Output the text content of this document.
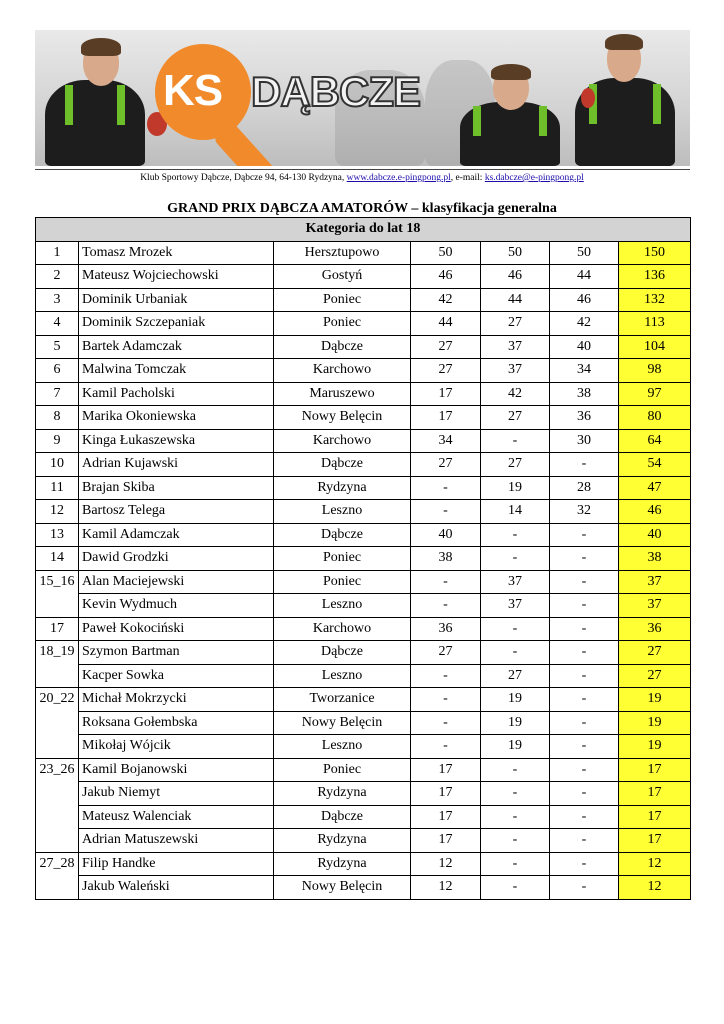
KS DĄBCZE
Klub Sportowy Dąbcze, Dąbcze 94, 64-130 Rydzyna, www.dabcze.e-pingpong.pl, e-mail: ks.dabcze@e-pingpong.pl
GRAND PRIX DĄBCZA AMATORÓW – klasyfikacja generalna
Kategoria do lat 18						
1	Tomasz Mrozek	Hersztupowo	50	50	50	150
2	Mateusz Wojciechowski	Gostyń	46	46	44	136
3	Dominik Urbaniak	Poniec	42	44	46	132
4	Dominik Szczepaniak	Poniec	44	27	42	113
5	Bartek Adamczak	Dąbcze	27	37	40	104
6	Malwina Tomczak	Karchowo	27	37	34	98
7	Kamil Pacholski	Maruszewo	17	42	38	97
8	Marika Okoniewska	Nowy Belęcin	17	27	36	80
9	Kinga Łukaszewska	Karchowo	34	-	30	64
10	Adrian Kujawski	Dąbcze	27	27	-	54
11	Brajan Skiba	Rydzyna	-	19	28	47
12	Bartosz Telega	Leszno	-	14	32	46
13	Kamil Adamczak	Dąbcze	40	-	-	40
14	Dawid Grodzki	Poniec	38	-	-	38
15_16	Alan Maciejewski	Poniec	-	37	-	37
	Kevin Wydmuch	Leszno	-	37	-	37
17	Paweł Kokociński	Karchowo	36	-	-	36
18_19	Szymon Bartman	Dąbcze	27	-	-	27
	Kacper Sowka	Leszno	-	27	-	27
20_22	Michał Mokrzycki	Tworzanice	-	19	-	19
	Roksana Gołembska	Nowy Belęcin	-	19	-	19
	Mikołaj Wójcik	Leszno	-	19	-	19
23_26	Kamil Bojanowski	Poniec	17	-	-	17
	Jakub Niemyt	Rydzyna	17	-	-	17
	Mateusz Walenciak	Dąbcze	17	-	-	17
	Adrian Matuszewski	Rydzyna	17	-	-	17
27_28	Filip Handke	Rydzyna	12	-	-	12
	Jakub Waleński	Nowy Belęcin	12	-	-	12
